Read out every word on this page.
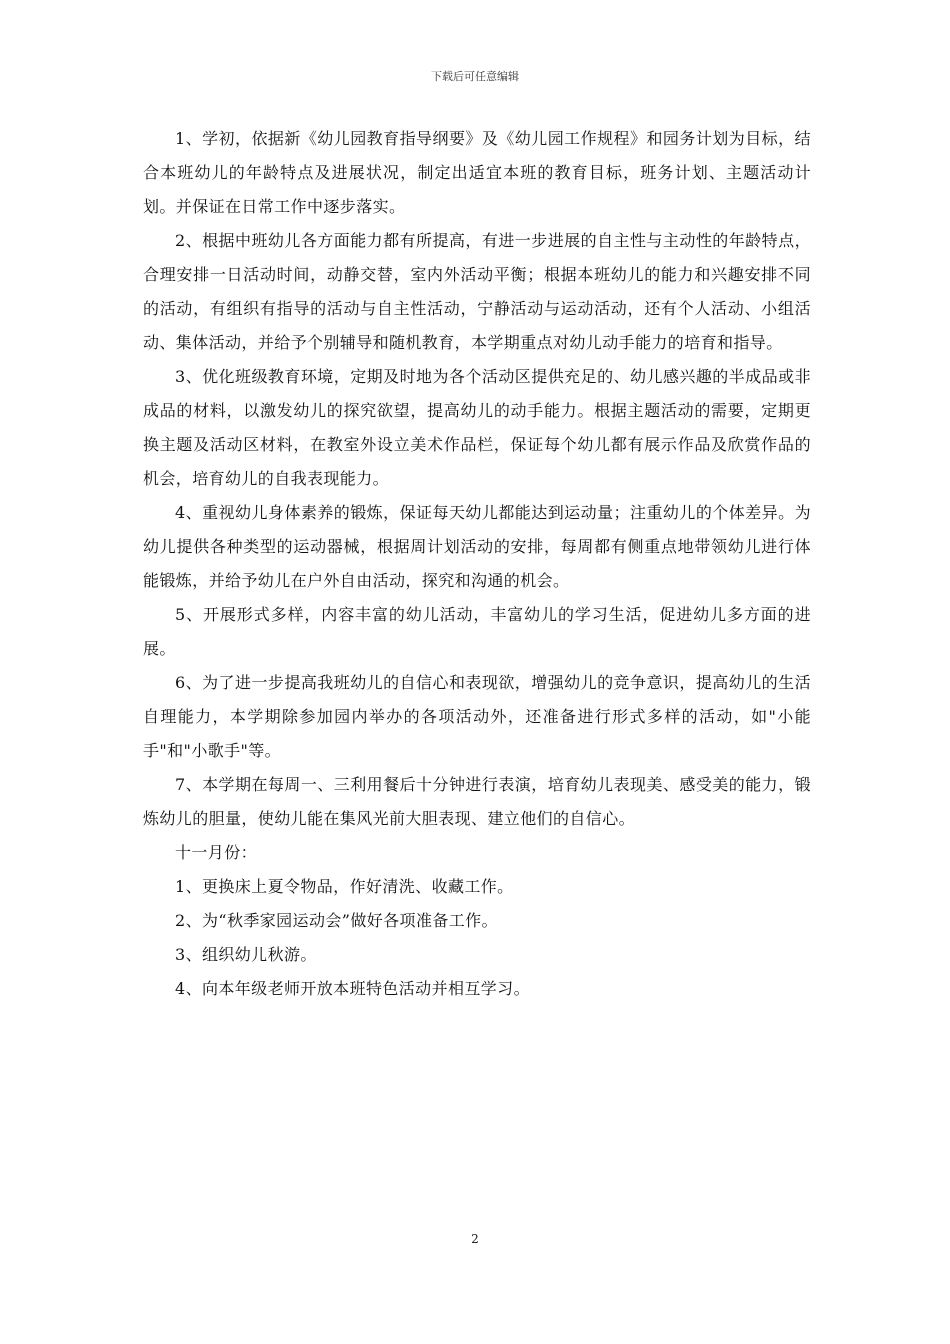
下载后可任意编辑

1、学初，依据新《幼儿园教育指导纲要》及《幼儿园工作规程》和园务计划为目标，结合本班幼儿的年龄特点及进展状况，制定出适宜本班的教育目标，班务计划、主题活动计划。并保证在日常工作中逐步落实。

2、根据中班幼儿各方面能力都有所提高，有进一步进展的自主性与主动性的年龄特点，合理安排一日活动时间，动静交替，室内外活动平衡；根据本班幼儿的能力和兴趣安排不同的活动，有组织有指导的活动与自主性活动，宁静活动与运动活动，还有个人活动、小组活动、集体活动，并给予个别辅导和随机教育，本学期重点对幼儿动手能力的培育和指导。

3、优化班级教育环境，定期及时地为各个活动区提供充足的、幼儿感兴趣的半成品或非成品的材料，以激发幼儿的探究欲望，提高幼儿的动手能力。根据主题活动的需要，定期更换主题及活动区材料，在教室外设立美术作品栏，保证每个幼儿都有展示作品及欣赏作品的机会，培育幼儿的自我表现能力。

4、重视幼儿身体素养的锻炼，保证每天幼儿都能达到运动量；注重幼儿的个体差异。为幼儿提供各种类型的运动器械，根据周计划活动的安排，每周都有侧重点地带领幼儿进行体能锻炼，并给予幼儿在户外自由活动，探究和沟通的机会。

5、开展形式多样，内容丰富的幼儿活动，丰富幼儿的学习生活，促进幼儿多方面的进展。

6、为了进一步提高我班幼儿的自信心和表现欲，增强幼儿的竞争意识，提高幼儿的生活自理能力，本学期除参加园内举办的各项活动外，还准备进行形式多样的活动，如"小能手"和"小歌手"等。

7、本学期在每周一、三利用餐后十分钟进行表演，培育幼儿表现美、感受美的能力，锻炼幼儿的胆量，使幼儿能在集风光前大胆表现、建立他们的自信心。

十一月份：

1、更换床上夏令物品，作好清洗、收藏工作。

2、为“秋季家园运动会”做好各项准备工作。

3、组织幼儿秋游。

4、向本年级老师开放本班特色活动并相互学习。

2
